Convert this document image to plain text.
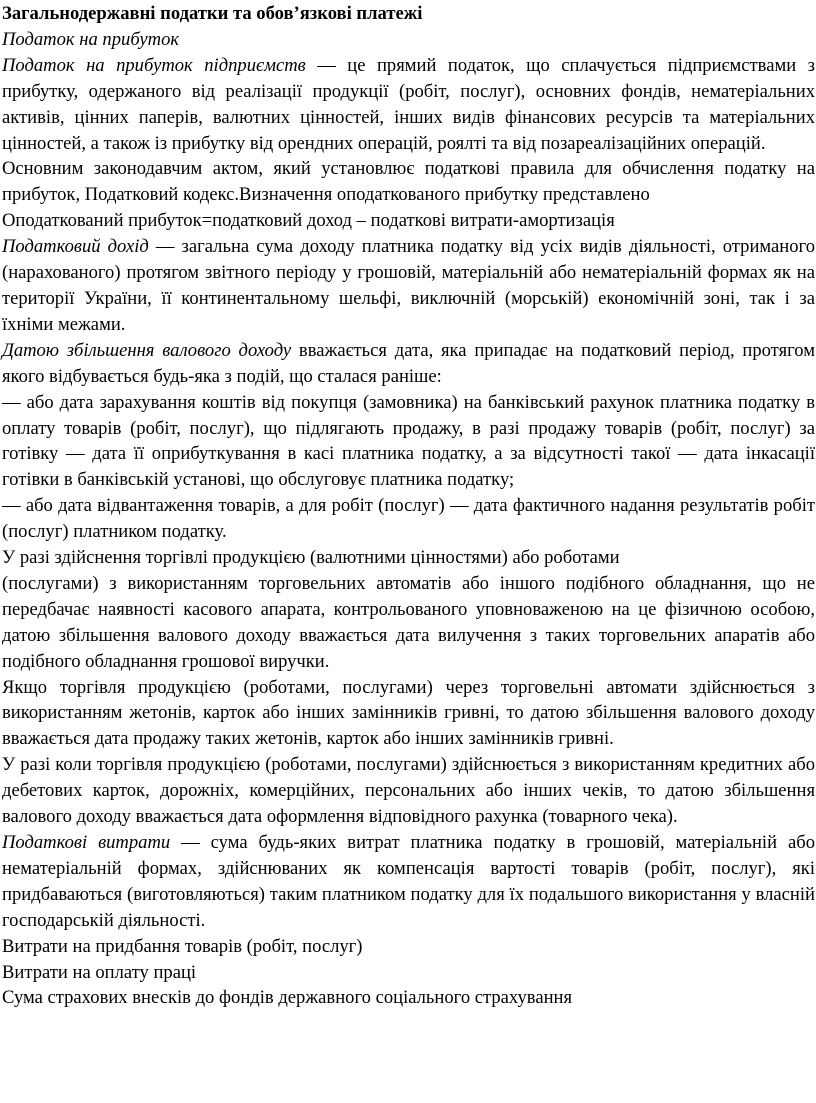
Загальнодержавні податки та обов’язкові платежі
Податок на прибуток

Податок на прибуток підприємств — це прямий податок, що сплачується підприємствами з прибутку, одержаного від реалізації продукції (робіт, послуг), основних фондів, нематеріальних активів, цінних паперів, валютних цінностей, інших видів фінансових ресурсів та матеріальних цінностей, а також із прибутку від орендних операцій, роялті та від позареалізаційних операцій.

Основним законодавчим актом, який установлює податкові правила для обчислення податку на прибуток, Податковий кодекс.Визначення оподаткованого прибутку представлено

Оподаткований прибуток=податковий доход – податкові витрати-амортизація

Податковий дохід — загальна сума доходу платника податку від усіх видів діяльності, отриманого (нарахованого) протягом звітного періоду у грошовій, матеріальній або нематеріальній формах як на території України, її континентальному шельфі, виключній (морській) економічній зоні, так і за їхніми межами.

Датою збільшення валового доходу вважається дата, яка припадає на податковий період, протягом якого відбувається будь-яка з подій, що сталася раніше:

— або дата зарахування коштів від покупця (замовника) на банківський рахунок платника податку в оплату товарів (робіт, послуг), що підлягають продажу, в разі продажу товарів (робіт, послуг) за готівку — дата її оприбуткування в касі платника податку, а за відсутності такої — дата інкасації готівки в банківській установі, що обслуговує платника податку;

— або дата відвантаження товарів, а для робіт (послуг) — дата фактичного надання результатів робіт (послуг) платником податку.

У разі здійснення торгівлі продукцією (валютними цінностями) або роботами

(послугами) з використанням торговельних автоматів або іншого подібного обладнання, що не передбачає наявності касового апарата, контрольованого уповноваженою на це фізичною особою, датою збільшення валового доходу вважається дата вилучення з таких торговельних апаратів або подібного обладнання грошової виручки.

Якщо торгівля продукцією (роботами, послугами) через торговельні автомати здійснюється з використанням жетонів, карток або інших замінників гривні, то датою збільшення валового доходу вважається дата продажу таких жетонів, карток або інших замінників гривні.

У разі коли торгівля продукцією (роботами, послугами) здійснюється з використанням кредитних або дебетових карток, дорожніх, комерційних, персональних або інших чеків, то датою збільшення валового доходу вважається дата оформлення відповідного рахунка (товарного чека).

Податкові витрати — сума будь-яких витрат платника податку в грошовій, матеріальній або нематеріальній формах, здійснюваних як компенсація вартості товарів (робіт, послуг), які придбаваються (виготовляються) таким платником податку для їх подальшого використання у власній господарській діяльності.

Витрати на придбання товарів (робіт, послуг)

Витрати на оплату праці

Сума страхових внесків до фондів державного соціального страхування
